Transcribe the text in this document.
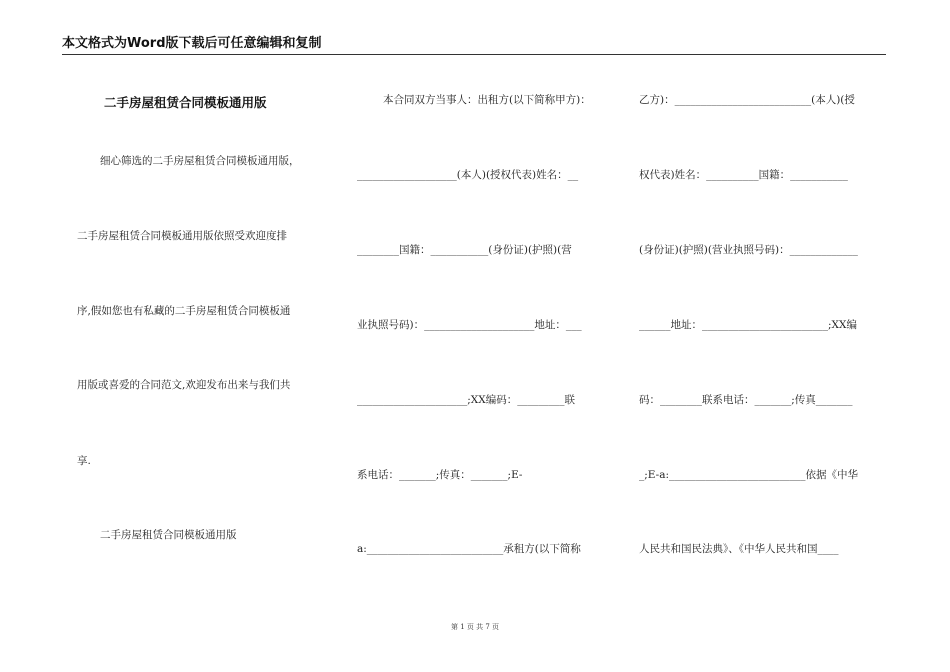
本文格式为Word版下载后可任意编辑和复制
二手房屋租赁合同模板通用版
细心筛选的二手房屋租赁合同模板通用版，
二手房屋租赁合同模板通用版依照受欢迎度排
序,假如您也有私藏的二手房屋租赁合同模板通
用版或喜爱的合同范文,欢迎发布出来与我们共
享.
二手房屋租赁合同模板通用版
本合同双方当事人：出租方(以下简称甲方)：
___________________(本人)(授权代表)姓名：__
________国籍：___________(身份证)(护照)(营
业执照号码)：_____________________地址：___
_____________________;XX编码：_________联
系电话：_______;传真：_______;E-
a:__________________________承租方(以下简称
乙方)：__________________________(本人)(授
权代表)姓名：__________国籍：___________
(身份证)(护照)(营业执照号码)：_____________
______地址：________________________;XX编
码：________联系电话：_______;传真_______
_;E-a:__________________________依据《中华
人民共和国民法典》、《中华人民共和国____
第 1 页 共 7 页
